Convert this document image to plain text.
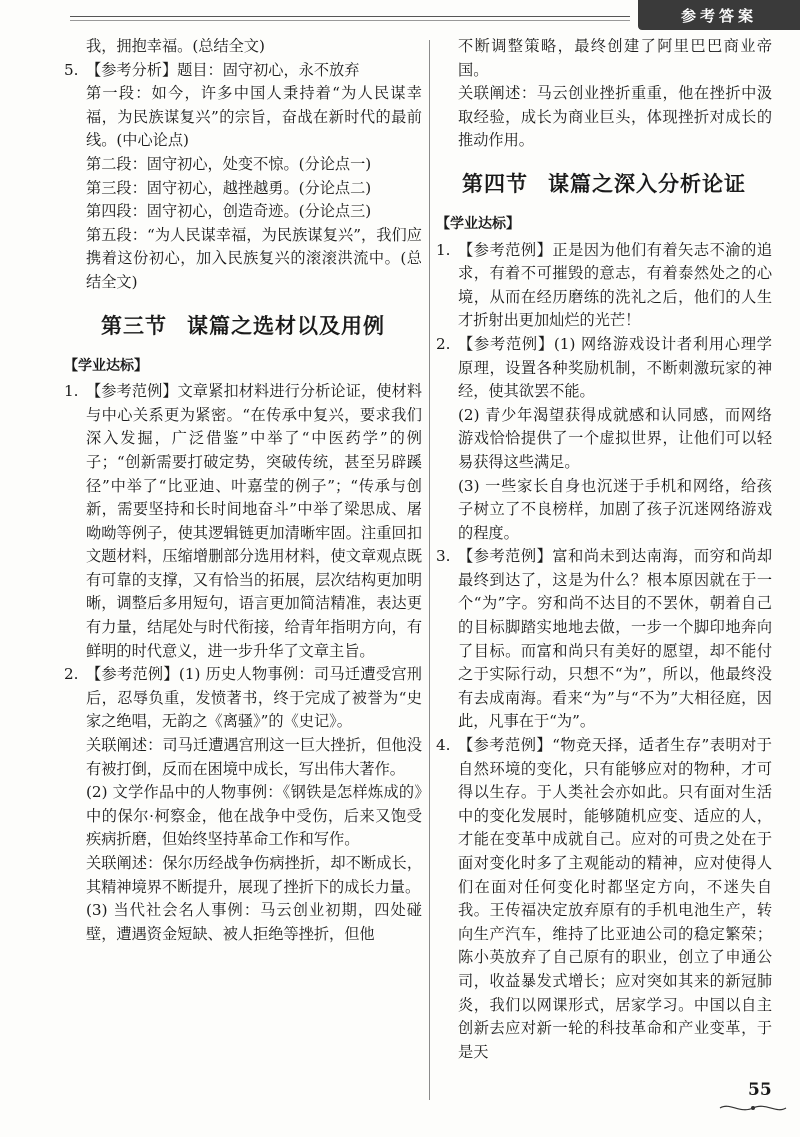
参考答案

我，拥抱幸福。(总结全文)

5. 【参考分析】题目：固守初心，永不放弃

第一段：如今，许多中国人秉持着“为人民谋幸福，为民族谋复兴”的宗旨，奋战在新时代的最前线。(中心论点)

第二段：固守初心，处变不惊。(分论点一)

第三段：固守初心，越挫越勇。(分论点二)

第四段：固守初心，创造奇迹。(分论点三)

第五段：“为人民谋幸福，为民族谋复兴”，我们应携着这份初心，加入民族复兴的滚滚洪流中。(总结全文)

第三节 谋篇之选材以及用例

【学业达标】

1. 【参考范例】文章紧扣材料进行分析论证，使材料与中心关系更为紧密。“在传承中复兴，要求我们深入发掘，广泛借鉴”中举了“中医药学”的例子；“创新需要打破定势，突破传统，甚至另辟蹊径”中举了“比亚迪、叶嘉莹的例子”；“传承与创新，需要坚持和长时间地奋斗”中举了梁思成、屠呦呦等例子，使其逻辑链更加清晰牢固。注重回扣文题材料，压缩增删部分选用材料，使文章观点既有可靠的支撑，又有恰当的拓展，层次结构更加明晰，调整后多用短句，语言更加简洁精准，表达更有力量，结尾处与时代衔接，给青年指明方向，有鲜明的时代意义，进一步升华了文章主旨。

2. 【参考范例】(1) 历史人物事例：司马迁遭受宫刑后，忍辱负重，发愤著书，终于完成了被誉为“史家之绝唱，无韵之《离骚》”的《史记》。

关联阐述：司马迁遭遇宫刑这一巨大挫折，但他没有被打倒，反而在困境中成长，写出伟大著作。

(2) 文学作品中的人物事例：《钢铁是怎样炼成的》中的保尔·柯察金，他在战争中受伤，后来又饱受疾病折磨，但始终坚持革命工作和写作。

关联阐述：保尔历经战争伤病挫折，却不断成长，其精神境界不断提升，展现了挫折下的成长力量。

(3) 当代社会名人事例：马云创业初期，四处碰壁，遭遇资金短缺、被人拒绝等挫折，但他

不断调整策略，最终创建了阿里巴巴商业帝国。

关联阐述：马云创业挫折重重，他在挫折中汲取经验，成长为商业巨头，体现挫折对成长的推动作用。

第四节 谋篇之深入分析论证

【学业达标】

1. 【参考范例】正是因为他们有着矢志不渝的追求，有着不可摧毁的意志，有着泰然处之的心境，从而在经历磨练的洗礼之后，他们的人生才折射出更加灿烂的光芒！

2. 【参考范例】(1) 网络游戏设计者利用心理学原理，设置各种奖励机制，不断刺激玩家的神经，使其欲罢不能。

(2) 青少年渴望获得成就感和认同感，而网络游戏恰恰提供了一个虚拟世界，让他们可以轻易获得这些满足。

(3) 一些家长自身也沉迷于手机和网络，给孩子树立了不良榜样，加剧了孩子沉迷网络游戏的程度。

3. 【参考范例】富和尚未到达南海，而穷和尚却最终到达了，这是为什么？根本原因就在于一个“为”字。穷和尚不达目的不罢休，朝着自己的目标脚踏实地地去做，一步一个脚印地奔向了目标。而富和尚只有美好的愿望，却不能付之于实际行动，只想不“为”，所以，他最终没有去成南海。看来“为”与“不为”大相径庭，因此，凡事在于“为”。

4. 【参考范例】“物竞天择，适者生存”表明对于自然环境的变化，只有能够应对的物种，才可得以生存。于人类社会亦如此。只有面对生活中的变化发展时，能够随机应变、适应的人，才能在变革中成就自己。应对的可贵之处在于面对变化时多了主观能动的精神，应对使得人们在面对任何变化时都坚定方向，不迷失自我。王传福决定放弃原有的手机电池生产，转向生产汽车，维持了比亚迪公司的稳定繁荣；陈小英放弃了自己原有的职业，创立了申通公司，收益暴发式增长；应对突如其来的新冠肺炎，我们以网课形式，居家学习。中国以自主创新去应对新一轮的科技革命和产业变革，于是天

55
